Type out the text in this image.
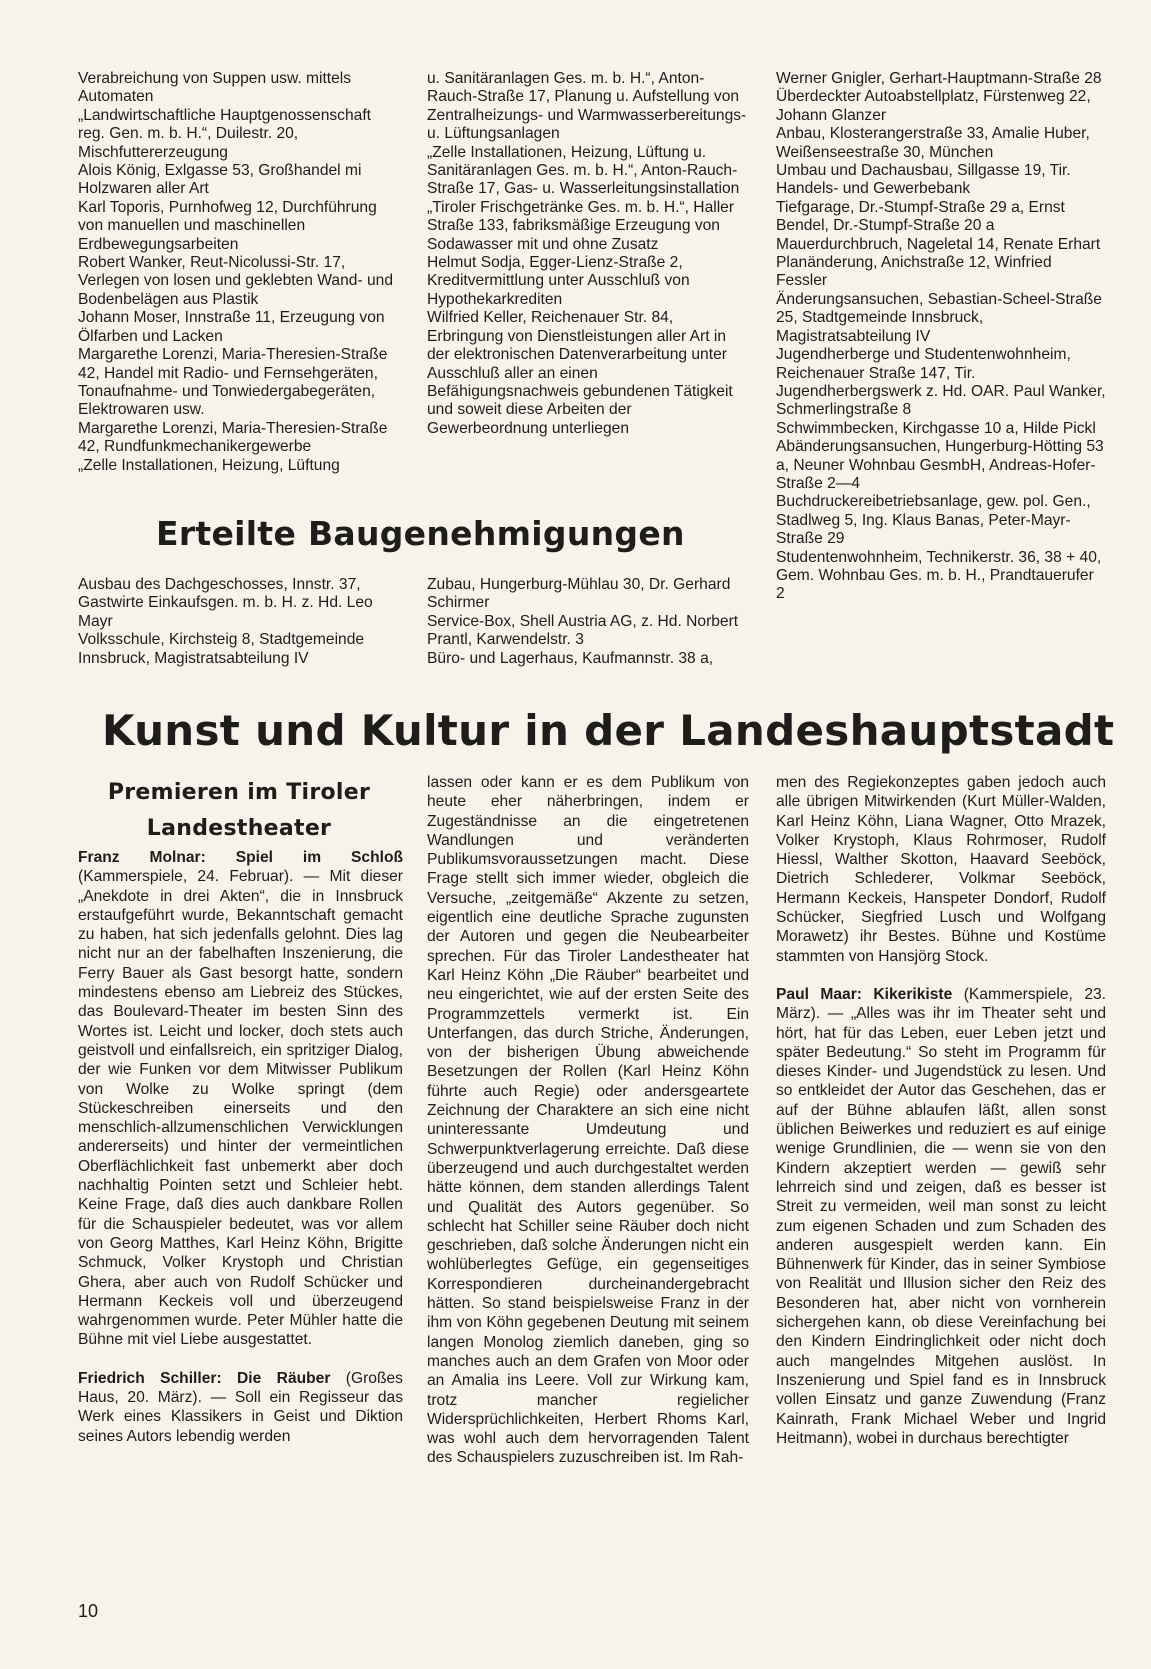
Verabreichung von Suppen usw. mittels Automaten

„Landwirtschaftliche Hauptgenossenschaft reg. Gen. m. b. H.“, Duilestr. 20, Mischfuttererzeugung

Alois König, Exlgasse 53, Großhandel mi Holzwaren aller Art

Karl Toporis, Purnhofweg 12, Durchführung von manuellen und maschinellen Erdbewegungsarbeiten

Robert Wanker, Reut-Nicolussi-Str. 17, Verlegen von losen und geklebten Wand- und Bodenbelägen aus Plastik

Johann Moser, Innstraße 11, Erzeugung von Ölfarben und Lacken

Margarethe Lorenzi, Maria-Theresien-Straße 42, Handel mit Radio- und Fernsehgeräten, Tonaufnahme- und Tonwiedergabegeräten, Elektrowaren usw.

Margarethe Lorenzi, Maria-Theresien-Straße 42, Rundfunkmechanikergewerbe

„Zelle Installationen, Heizung, Lüftung

u. Sanitäranlagen Ges. m. b. H.“, Anton-Rauch-Straße 17, Planung u. Aufstellung von Zentralheizungs- und Warmwasserbereitungs- u. Lüftungsanlagen

„Zelle Installationen, Heizung, Lüftung u. Sanitäranlagen Ges. m. b. H.“, Anton-Rauch-Straße 17, Gas- u. Wasserleitungsinstallation

„Tiroler Frischgetränke Ges. m. b. H.“, Haller Straße 133, fabriksmäßige Erzeugung von Sodawasser mit und ohne Zusatz

Helmut Sodja, Egger-Lienz-Straße 2, Kreditvermittlung unter Ausschluß von Hypothekarkrediten

Wilfried Keller, Reichenauer Str. 84, Erbringung von Dienstleistungen aller Art in der elektronischen Datenverarbeitung unter Ausschluß aller an einen Befähigungsnachweis gebundenen Tätigkeit und soweit diese Arbeiten der Gewerbeordnung unterliegen

Werner Gnigler, Gerhart-Hauptmann-Straße 28

Überdeckter Autoabstellplatz, Fürstenweg 22, Johann Glanzer

Anbau, Klosterangerstraße 33, Amalie Huber, Weißenseestraße 30, München

Umbau und Dachausbau, Sillgasse 19, Tir. Handels- und Gewerbebank

Tiefgarage, Dr.-Stumpf-Straße 29 a, Ernst Bendel, Dr.-Stumpf-Straße 20 a

Mauerdurchbruch, Nageletal 14, Renate Erhart

Planänderung, Anichstraße 12, Winfried Fessler

Änderungsansuchen, Sebastian-Scheel-Straße 25, Stadtgemeinde Innsbruck, Magistratsabteilung IV

Jugendherberge und Studentenwohnheim, Reichenauer Straße 147, Tir. Jugendherbergswerk z. Hd. OAR. Paul Wanker, Schmerlingstraße 8

Schwimmbecken, Kirchgasse 10 a, Hilde Pickl

Abänderungsansuchen, Hungerburg-Hötting 53 a, Neuner Wohnbau GesmbH, Andreas-Hofer-Straße 2—4

Buchdruckereibetriebsanlage, gew. pol. Gen., Stadlweg 5, Ing. Klaus Banas, Peter-Mayr-Straße 29

Studentenwohnheim, Technikerstr. 36, 38 + 40, Gem. Wohnbau Ges. m. b. H., Prandtauerufer 2

Erteilte Baugenehmigungen

Ausbau des Dachgeschosses, Innstr. 37, Gastwirte Einkaufsgen. m. b. H. z. Hd. Leo Mayr

Volksschule, Kirchsteig 8, Stadtgemeinde Innsbruck, Magistratsabteilung IV

Zubau, Hungerburg-Mühlau 30, Dr. Gerhard Schirmer

Service-Box, Shell Austria AG, z. Hd. Norbert Prantl, Karwendelstr. 3

Büro- und Lagerhaus, Kaufmannstr. 38 a,

Kunst und Kultur in der Landeshauptstadt
Premieren im Tiroler Landestheater

Franz Molnar: Spiel im Schloß (Kammerspiele, 24. Februar). — Mit dieser „Anekdote in drei Akten“, die in Innsbruck erstaufgeführt wurde, Bekanntschaft gemacht zu haben, hat sich jedenfalls gelohnt. Dies lag nicht nur an der fabelhaften Inszenierung, die Ferry Bauer als Gast besorgt hatte, sondern mindestens ebenso am Liebreiz des Stückes, das Boulevard-Theater im besten Sinn des Wortes ist. Leicht und locker, doch stets auch geistvoll und einfallsreich, ein spritziger Dialog, der wie Funken vor dem Mitwisser Publikum von Wolke zu Wolke springt (dem Stückeschreiben einerseits und den menschlich-allzumenschlichen Verwicklungen andererseits) und hinter der vermeintlichen Oberflächlichkeit fast unbemerkt aber doch nachhaltig Pointen setzt und Schleier hebt. Keine Frage, daß dies auch dankbare Rollen für die Schauspieler bedeutet, was vor allem von Georg Matthes, Karl Heinz Köhn, Brigitte Schmuck, Volker Krystoph und Christian Ghera, aber auch von Rudolf Schücker und Hermann Keckeis voll und überzeugend wahrgenommen wurde. Peter Mühler hatte die Bühne mit viel Liebe ausgestattet.

Friedrich Schiller: Die Räuber (Großes Haus, 20. März). — Soll ein Regisseur das Werk eines Klassikers in Geist und Diktion seines Autors lebendig werden

lassen oder kann er es dem Publikum von heute eher näherbringen, indem er Zugeständnisse an die eingetretenen Wandlungen und veränderten Publikumsvoraussetzungen macht. Diese Frage stellt sich immer wieder, obgleich die Versuche, „zeitgemäße“ Akzente zu setzen, eigentlich eine deutliche Sprache zugunsten der Autoren und gegen die Neubearbeiter sprechen. Für das Tiroler Landestheater hat Karl Heinz Köhn „Die Räuber“ bearbeitet und neu eingerichtet, wie auf der ersten Seite des Programmzettels vermerkt ist. Ein Unterfangen, das durch Striche, Änderungen, von der bisherigen Übung abweichende Besetzungen der Rollen (Karl Heinz Köhn führte auch Regie) oder andersgeartete Zeichnung der Charaktere an sich eine nicht uninteressante Umdeutung und Schwerpunktverlagerung erreichte. Daß diese überzeugend und auch durchgestaltet werden hätte können, dem standen allerdings Talent und Qualität des Autors gegenüber. So schlecht hat Schiller seine Räuber doch nicht geschrieben, daß solche Änderungen nicht ein wohlüberlegtes Gefüge, ein gegenseitiges Korrespondieren durcheinandergebracht hätten. So stand beispielsweise Franz in der ihm von Köhn gegebenen Deutung mit seinem langen Monolog ziemlich daneben, ging so manches auch an dem Grafen von Moor oder an Amalia ins Leere. Voll zur Wirkung kam, trotz mancher regielicher Widersprüchlichkeiten, Herbert Rhoms Karl, was wohl auch dem hervorragenden Talent des Schauspielers zuzuschreiben ist. Im Rah-

men des Regiekonzeptes gaben jedoch auch alle übrigen Mitwirkenden (Kurt Müller-Walden, Karl Heinz Köhn, Liana Wagner, Otto Mrazek, Volker Krystoph, Klaus Rohrmoser, Rudolf Hiessl, Walther Skotton, Haavard Seeböck, Dietrich Schlederer, Volkmar Seeböck, Hermann Keckeis, Hanspeter Dondorf, Rudolf Schücker, Siegfried Lusch und Wolfgang Morawetz) ihr Bestes. Bühne und Kostüme stammten von Hansjörg Stock.

Paul Maar: Kikerikiste (Kammerspiele, 23. März). — „Alles was ihr im Theater seht und hört, hat für das Leben, euer Leben jetzt und später Bedeutung.“ So steht im Programm für dieses Kinder- und Jugendstück zu lesen. Und so entkleidet der Autor das Geschehen, das er auf der Bühne ablaufen läßt, allen sonst üblichen Beiwerkes und reduziert es auf einige wenige Grundlinien, die — wenn sie von den Kindern akzeptiert werden — gewiß sehr lehrreich sind und zeigen, daß es besser ist Streit zu vermeiden, weil man sonst zu leicht zum eigenen Schaden und zum Schaden des anderen ausgespielt werden kann. Ein Bühnenwerk für Kinder, das in seiner Symbiose von Realität und Illusion sicher den Reiz des Besonderen hat, aber nicht von vornherein sichergehen kann, ob diese Vereinfachung bei den Kindern Eindringlichkeit oder nicht doch auch mangelndes Mitgehen auslöst. In Inszenierung und Spiel fand es in Innsbruck vollen Einsatz und ganze Zuwendung (Franz Kainrath, Frank Michael Weber und Ingrid Heitmann), wobei in durchaus berechtigter

10
